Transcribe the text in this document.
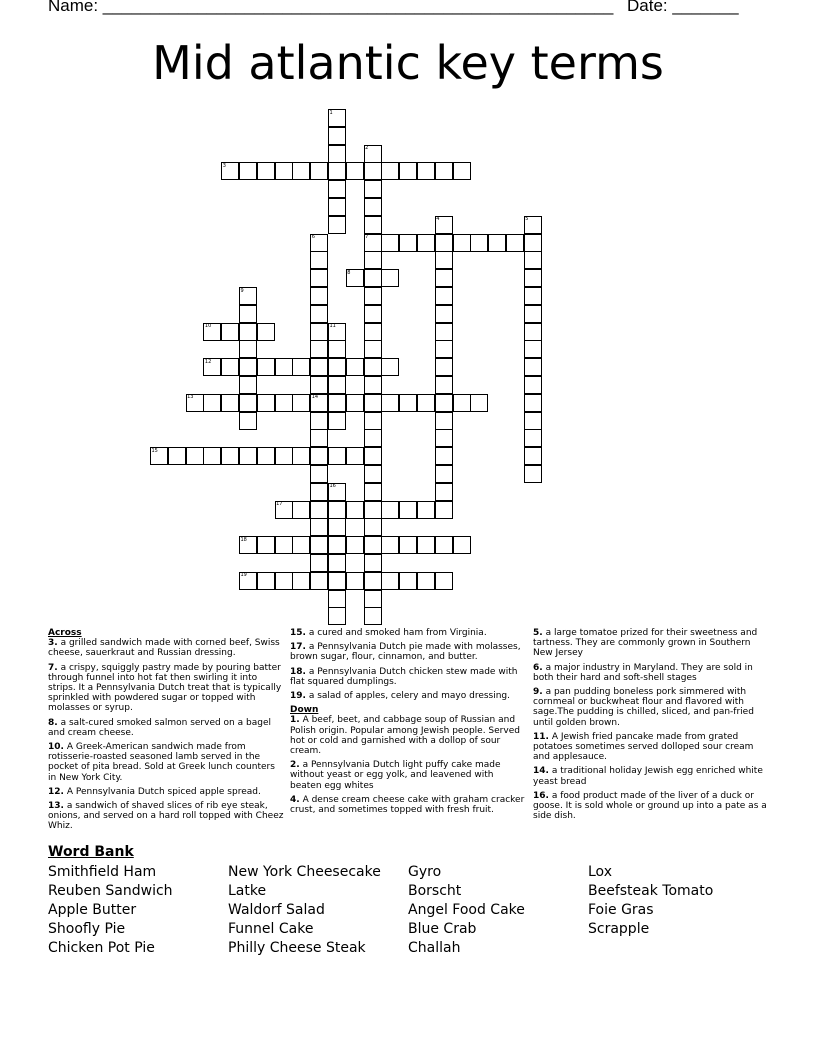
Name: ______________________________________________________ Date: _______
Mid atlantic key terms
1
2
7
3
4	5
6
14
8
9
10	11
12
13
15
16
17
18
19

Across

3. a grilled sandwich made with corned beef, Swiss cheese, sauerkraut and Russian dressing.

7. a crispy, squiggly pastry made by pouring batter through funnel into hot fat then swirling it into strips. It a Pennsylvania Dutch treat that is typically sprinkled with powdered sugar or topped with molasses or syrup.

8. a salt-cured smoked salmon served on a bagel and cream cheese.

10. A Greek-American sandwich made from rotisserie-roasted seasoned lamb served in the pocket of pita bread. Sold at Greek lunch counters in New York City.

12. A Pennsylvania Dutch spiced apple spread.

13. a sandwich of shaved slices of rib eye steak, onions, and served on a hard roll topped with Cheez Whiz.

15. a cured and smoked ham from Virginia.

17. a Pennsylvania Dutch pie made with molasses, brown sugar, flour, cinnamon, and butter.

18. a Pennsylvania Dutch chicken stew made with flat squared dumplings.

19. a salad of apples, celery and mayo dressing.

Down

1. A beef, beet, and cabbage soup of Russian and Polish origin. Popular among Jewish people. Served hot or cold and garnished with a dollop of sour cream.

2. a Pennsylvania Dutch light puffy cake made without yeast or egg yolk, and leavened with beaten egg whites

4. A dense cream cheese cake with graham cracker crust, and sometimes topped with fresh fruit.

5. a large tomatoe prized for their sweetness and tartness. They are commonly grown in Southern New Jersey

6. a major industry in Maryland. They are sold in both their hard and soft-shell stages

9. a pan pudding boneless pork simmered with cornmeal or buckwheat flour and flavored with sage.The pudding is chilled, sliced, and pan-fried until golden brown.

11. A Jewish fried pancake made from grated potatoes sometimes served dolloped sour cream and applesauce.

14. a traditional holiday Jewish egg enriched white yeast bread

16. a food product made of the liver of a duck or goose. It is sold whole or ground up into a pate as a side dish.

Word Bank
Smithfield Ham
Reuben Sandwich
Apple Butter
Shoofly Pie
Chicken Pot Pie
New York Cheesecake
Latke
Waldorf Salad
Funnel Cake
Philly Cheese Steak
Gyro
Borscht
Angel Food Cake
Blue Crab
Challah
Lox
Beefsteak Tomato
Foie Gras
Scrapple
